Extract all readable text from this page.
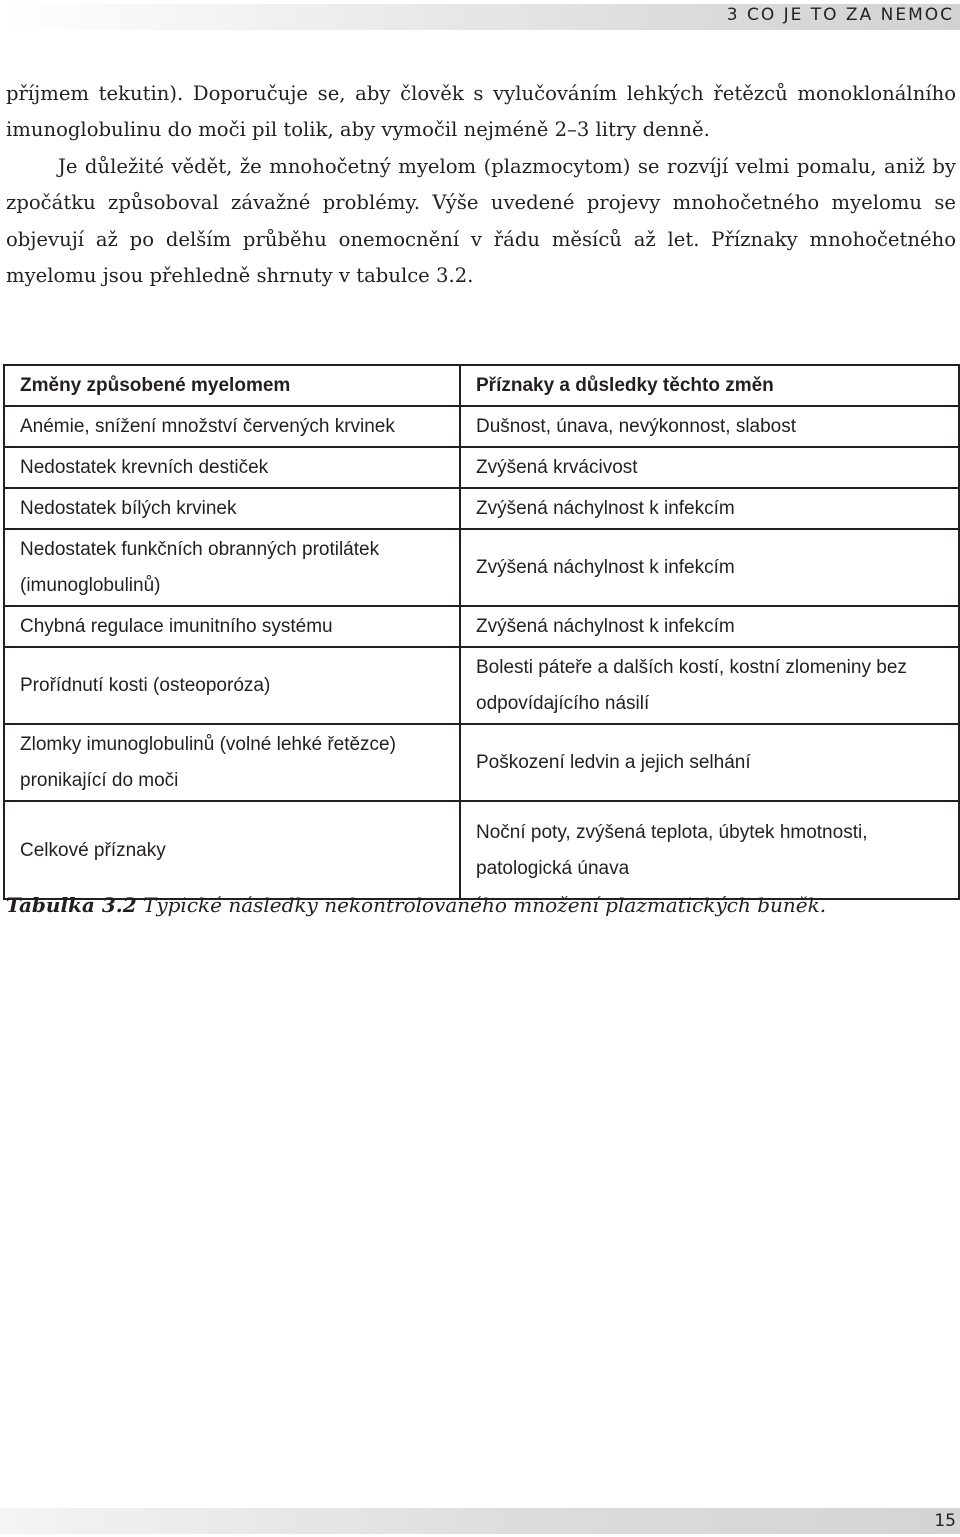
3 CO JE TO ZA NEMOC

příjmem tekutin). Doporučuje se, aby člověk s vylučováním lehkých řetězců monoklonálního imunoglobulinu do moči pil tolik, aby vymočil nejméně 2–3 litry denně.

Je důležité vědět, že mnohočetný myelom (plazmocytom) se rozvíjí velmi pomalu, aniž by zpočátku způsoboval závažné problémy. Výše uvedené projevy mnohočetného myelomu se objevují až po delším průběhu onemocnění v řádu měsíců až let. Příznaky mnohočetného myelomu jsou přehledně shrnuty v tabulce 3.2.

Změny způsobené myelomem	Příznaky a důsledky těchto změn
Anémie, snížení množství červených krvinek	Dušnost, únava, nevýkonnost, slabost
Nedostatek krevních destiček	Zvýšená krvácivost
Nedostatek bílých krvinek	Zvýšená náchylnost k infekcím
Nedostatek funkčních obranných protilátek (imunoglobulinů)	Zvýšená náchylnost k infekcím
Chybná regulace imunitního systému	Zvýšená náchylnost k infekcím
Prořídnutí kosti (osteoporóza)	Bolesti páteře a dalších kostí, kostní zlomeniny bez odpovídajícího násilí
Zlomky imunoglobulinů (volné lehké řetězce) pronikající do moči	Poškození ledvin a jejich selhání
Celkové příznaky	Noční poty, zvýšená teplota, úbytek hmotnosti, patologická únava
Tabulka 3.2 Typické následky nekontrolovaného množení plazmatických buněk.
15
